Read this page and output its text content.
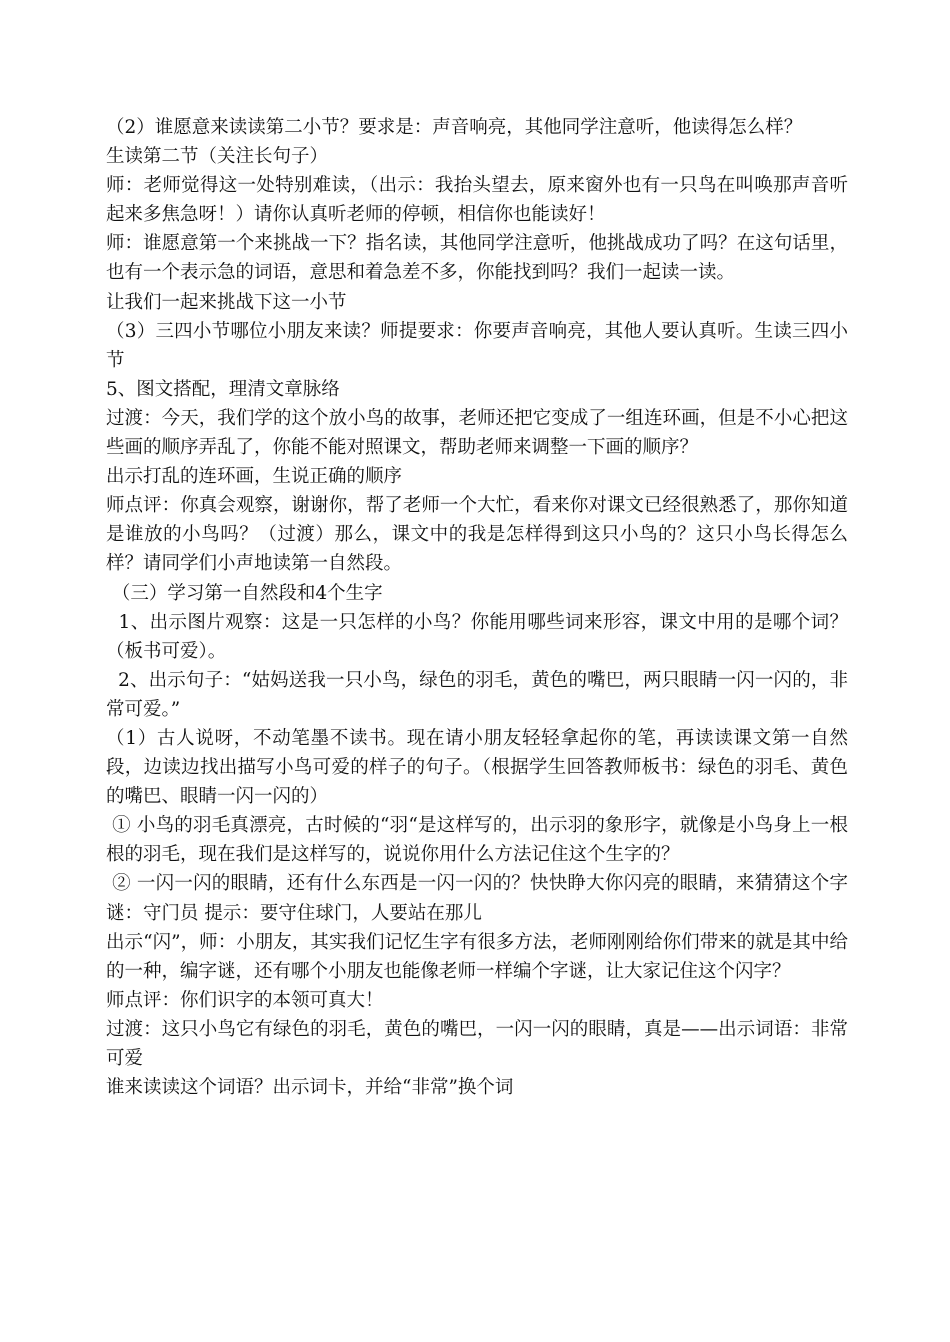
（2）谁愿意来读读第二小节？要求是：声音响亮，其他同学注意听，他读得怎么样？

生读第二节（关注长句子）

师：老师觉得这一处特别难读，（出示：我抬头望去，原来窗外也有一只鸟在叫唤那声音听起来多焦急呀！）请你认真听老师的停顿，相信你也能读好！

师：谁愿意第一个来挑战一下？指名读，其他同学注意听，他挑战成功了吗？在这句话里，也有一个表示急的词语，意思和着急差不多，你能找到吗？我们一起读一读。

让我们一起来挑战下这一小节

（3）三四小节哪位小朋友来读？师提要求：你要声音响亮，其他人要认真听。生读三四小节

5、图文搭配，理清文章脉络

过渡：今天，我们学的这个放小鸟的故事，老师还把它变成了一组连环画，但是不小心把这些画的顺序弄乱了，你能不能对照课文，帮助老师来调整一下画的顺序？

出示打乱的连环画，生说正确的顺序

师点评：你真会观察，谢谢你，帮了老师一个大忙，看来你对课文已经很熟悉了，那你知道是谁放的小鸟吗？（过渡）那么，课文中的我是怎样得到这只小鸟的？这只小鸟长得怎么样？请同学们小声地读第一自然段。

（三）学习第一自然段和4个生字

1、出示图片观察：这是一只怎样的小鸟？你能用哪些词来形容，课文中用的是哪个词？（板书可爱）。

2、出示句子：“姑妈送我一只小鸟，绿色的羽毛，黄色的嘴巴，两只眼睛一闪一闪的，非常可爱。”

（1）古人说呀，不动笔墨不读书。现在请小朋友轻轻拿起你的笔，再读读课文第一自然段，边读边找出描写小鸟可爱的样子的句子。（根据学生回答教师板书：绿色的羽毛、黄色的嘴巴、眼睛一闪一闪的）

① 小鸟的羽毛真漂亮，古时候的“羽“是这样写的，出示羽的象形字，就像是小鸟身上一根根的羽毛，现在我们是这样写的，说说你用什么方法记住这个生字的？

② 一闪一闪的眼睛，还有什么东西是一闪一闪的？快快睁大你闪亮的眼睛，来猜猜这个字谜：守门员 提示：要守住球门，人要站在那儿

出示“闪”，师：小朋友，其实我们记忆生字有很多方法，老师刚刚给你们带来的就是其中给的一种，编字谜，还有哪个小朋友也能像老师一样编个字谜，让大家记住这个闪字？

师点评：你们识字的本领可真大！

过渡：这只小鸟它有绿色的羽毛，黄色的嘴巴，一闪一闪的眼睛，真是——出示词语：非常可爱

谁来读读这个词语？出示词卡，并给“非常”换个词
